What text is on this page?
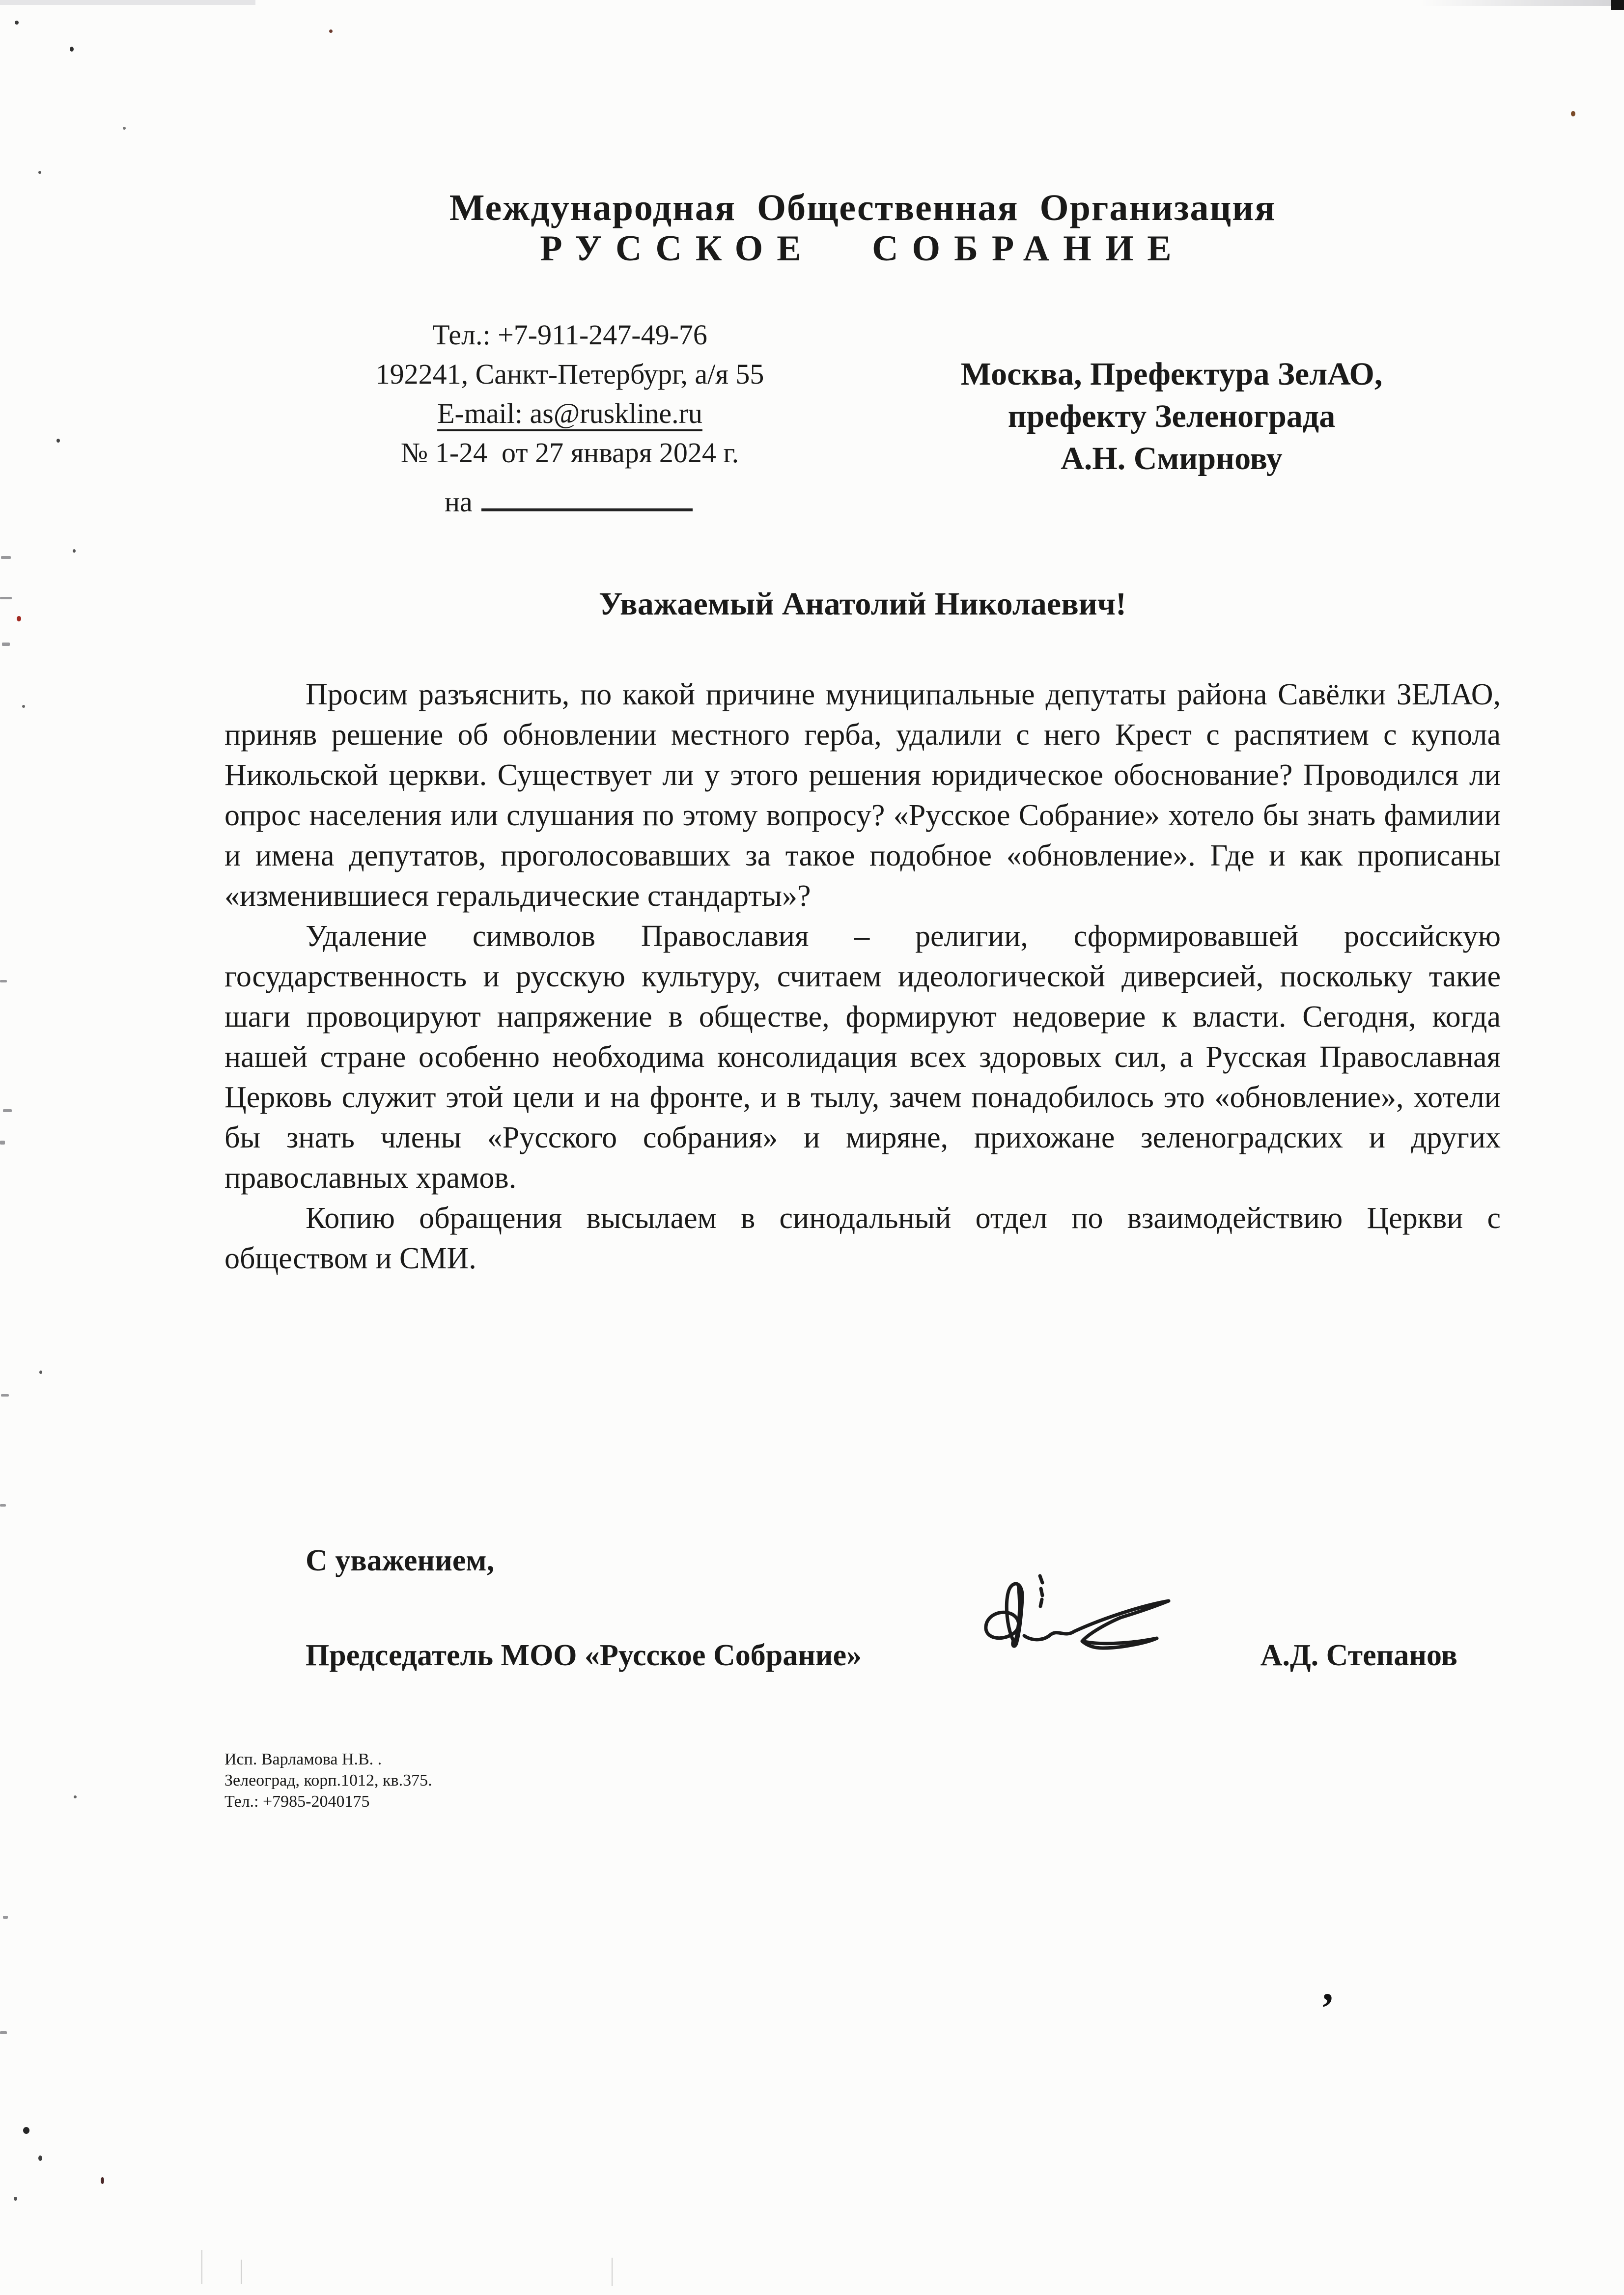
Международная Общественная Организация
РУССКОЕ СОБРАНИЕ
Тел.: +7-911-247-49-76
192241, Санкт-Петербург, а/я 55
E-mail: as@ruskline.ru
№ 1-24  от 27 января 2024 г.
на
Москва, Префектура ЗелАО,
префекту Зеленограда
А.Н. Смирнову
Уважаемый Анатолий Николаевич!

Просим разъяснить, по какой причине муниципальные депутаты района Савёлки ЗЕЛАО, приняв решение об обновлении местного герба, удалили с него Крест с распятием с купола Никольской церкви. Существует ли у этого решения юридическое обоснование? Проводился ли опрос населения или слушания по этому вопросу? «Русское Собрание» хотело бы знать фамилии и имена депутатов, проголосовавших за такое подобное «обновление». Где и как прописаны «изменившиеся геральдические стандарты»?

Удаление символов Православия – религии, сформировавшей российскую государственность и русскую культуру, считаем идеологической диверсией, поскольку такие шаги провоцируют напряжение в обществе, формируют недоверие к власти. Сегодня, когда нашей стране особенно необходима консолидация всех здоровых сил, а Русская Православная Церковь служит этой цели и на фронте, и в тылу, зачем понадобилось это «обновление», хотели бы знать члены «Русского собрания» и миряне, прихожане зеленоградских и других православных храмов.

Копию обращения высылаем в синодальный отдел по взаимодействию Церкви с обществом и СМИ.

С уважением,
Председатель МОО «Русское Собрание»	А.Д. Степанов
Исп. Варламова Н.В. .
Зелеоград, корп.1012, кв.375.
Тел.: +7985-2040175
,
